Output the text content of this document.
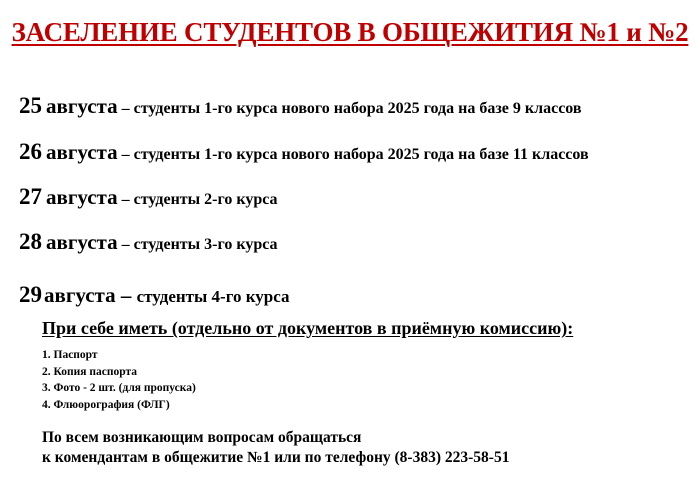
ЗАСЕЛЕНИЕ СТУДЕНТОВ В ОБЩЕЖИТИЯ №1 и №2
25 августа – студенты 1-го курса нового набора 2025 года на базе 9 классов
26 августа – студенты 1-го курса нового набора 2025 года на базе 11 классов
27 августа – студенты 2-го курса
28 августа – студенты 3-го курса
29августа – студенты 4-го курса
При себе иметь (отдельно от документов в приёмную комиссию):
1. Паспорт
2. Копия паспорта
3. Фото - 2 шт. (для пропуска)
4. Флюорография (ФЛГ)
По всем возникающим вопросам обращаться
к комендантам в общежитие №1 или по телефону (8-383) 223-58-51
